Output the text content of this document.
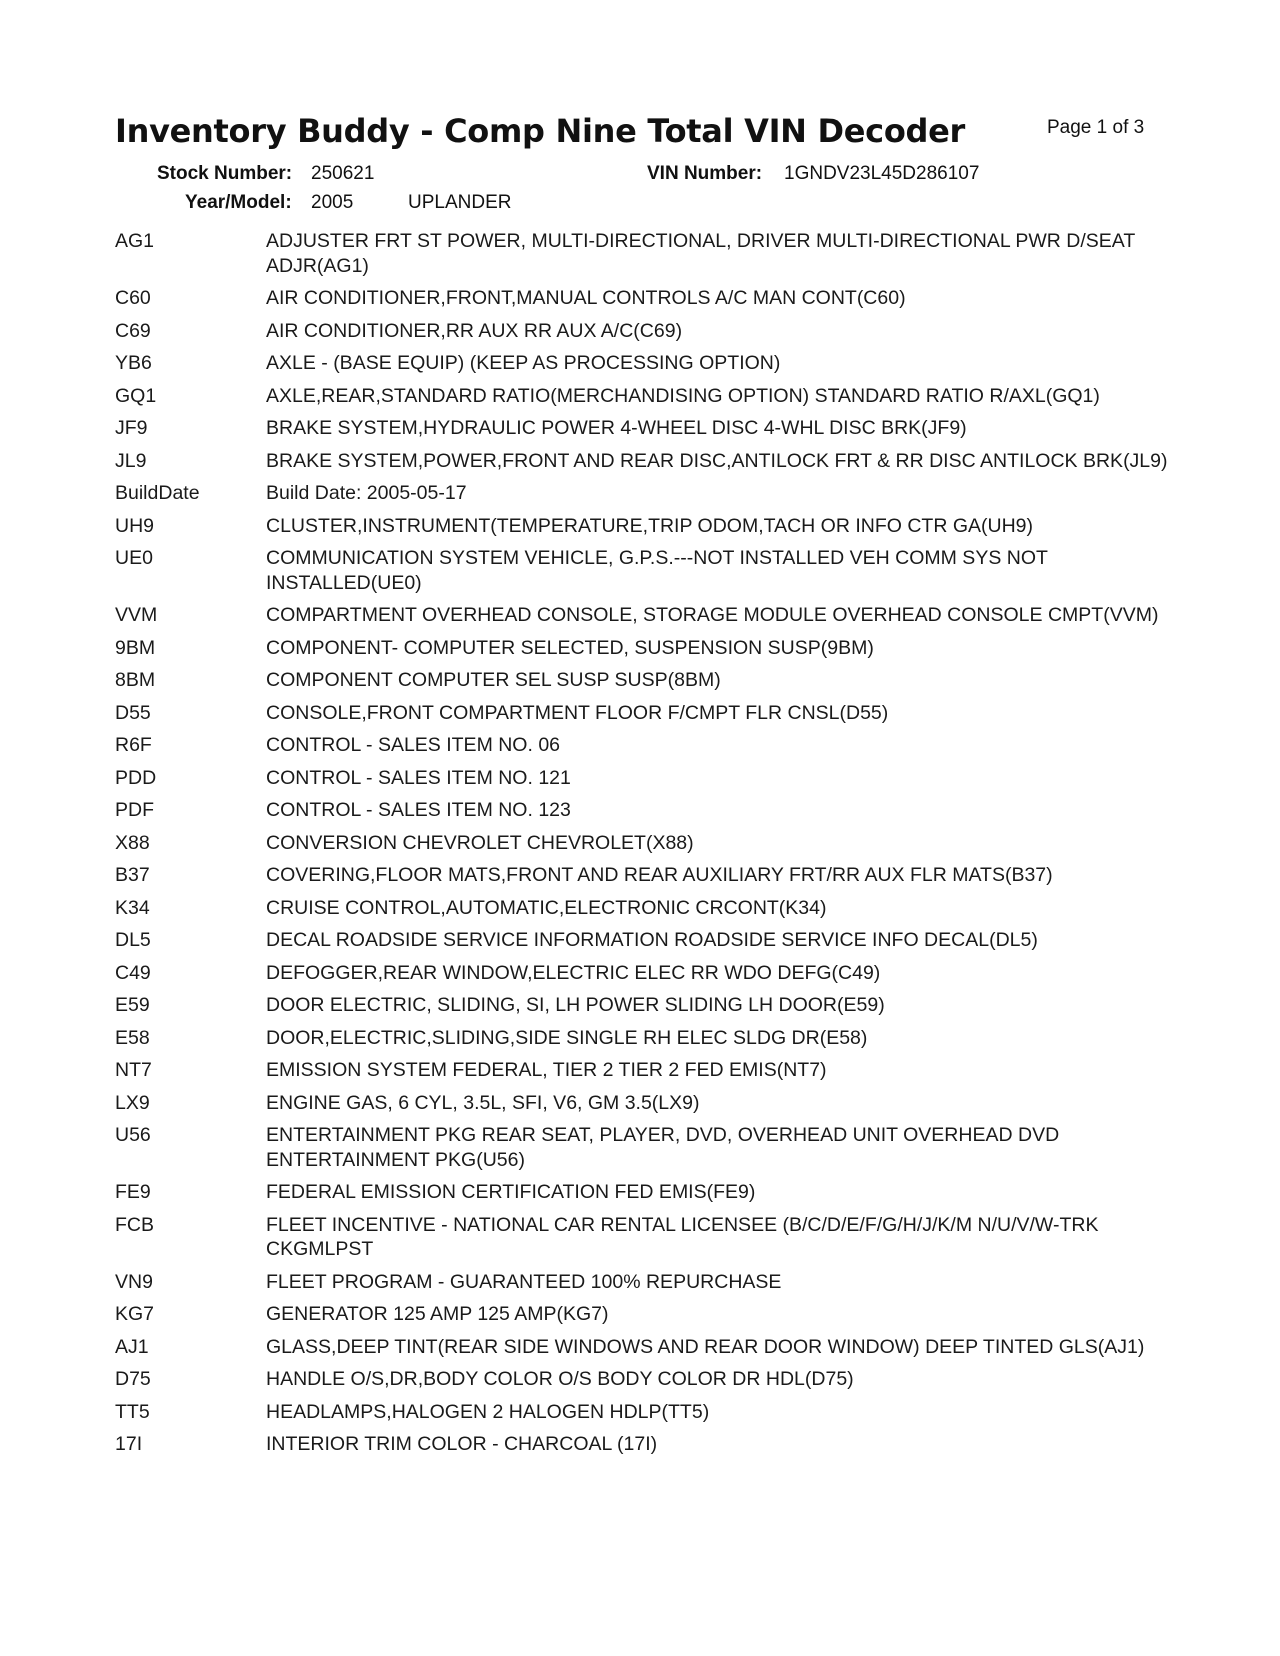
Inventory Buddy - Comp Nine Total VIN Decoder	Page 1 of 3
Stock Number: 250621	VIN Number: 1GNDV23L45D286107
Year/Model: 2005	UPLANDER
AG1	ADJUSTER FRT ST POWER, MULTI-DIRECTIONAL, DRIVER MULTI-DIRECTIONAL PWR D/SEAT ADJR(AG1)
C60	AIR CONDITIONER,FRONT,MANUAL CONTROLS A/C MAN CONT(C60)
C69	AIR CONDITIONER,RR AUX RR AUX A/C(C69)
YB6	AXLE - (BASE EQUIP) (KEEP AS PROCESSING OPTION)
GQ1	AXLE,REAR,STANDARD RATIO(MERCHANDISING OPTION) STANDARD RATIO R/AXL(GQ1)
JF9	BRAKE SYSTEM,HYDRAULIC POWER 4-WHEEL DISC 4-WHL DISC BRK(JF9)
JL9	BRAKE SYSTEM,POWER,FRONT AND REAR DISC,ANTILOCK FRT & RR DISC ANTILOCK BRK(JL9)
BuildDate	Build Date: 2005-05-17
UH9	CLUSTER,INSTRUMENT(TEMPERATURE,TRIP ODOM,TACH OR INFO CTR GA(UH9)
UE0	COMMUNICATION SYSTEM VEHICLE, G.P.S.---NOT INSTALLED VEH COMM SYS NOT INSTALLED(UE0)
VVM	COMPARTMENT OVERHEAD CONSOLE, STORAGE MODULE OVERHEAD CONSOLE CMPT(VVM)
9BM	COMPONENT- COMPUTER SELECTED, SUSPENSION SUSP(9BM)
8BM	COMPONENT COMPUTER SEL SUSP SUSP(8BM)
D55	CONSOLE,FRONT COMPARTMENT FLOOR F/CMPT FLR CNSL(D55)
R6F	CONTROL - SALES ITEM NO. 06
PDD	CONTROL - SALES ITEM NO. 121
PDF	CONTROL - SALES ITEM NO. 123
X88	CONVERSION CHEVROLET CHEVROLET(X88)
B37	COVERING,FLOOR MATS,FRONT AND REAR AUXILIARY FRT/RR AUX FLR MATS(B37)
K34	CRUISE CONTROL,AUTOMATIC,ELECTRONIC CRCONT(K34)
DL5	DECAL ROADSIDE SERVICE INFORMATION ROADSIDE SERVICE INFO DECAL(DL5)
C49	DEFOGGER,REAR WINDOW,ELECTRIC ELEC RR WDO DEFG(C49)
E59	DOOR ELECTRIC, SLIDING, SI, LH POWER SLIDING LH DOOR(E59)
E58	DOOR,ELECTRIC,SLIDING,SIDE SINGLE RH ELEC SLDG DR(E58)
NT7	EMISSION SYSTEM FEDERAL, TIER 2 TIER 2 FED EMIS(NT7)
LX9	ENGINE GAS, 6 CYL, 3.5L, SFI, V6, GM 3.5(LX9)
U56	ENTERTAINMENT PKG REAR SEAT, PLAYER, DVD, OVERHEAD UNIT OVERHEAD DVD ENTERTAINMENT PKG(U56)
FE9	FEDERAL EMISSION CERTIFICATION FED EMIS(FE9)
FCB	FLEET INCENTIVE - NATIONAL CAR RENTAL LICENSEE (B/C/D/E/F/G/H/J/K/M N/U/V/W-TRK CKGMLPST
VN9	FLEET PROGRAM - GUARANTEED 100% REPURCHASE
KG7	GENERATOR 125 AMP 125 AMP(KG7)
AJ1	GLASS,DEEP TINT(REAR SIDE WINDOWS AND REAR DOOR WINDOW) DEEP TINTED GLS(AJ1)
D75	HANDLE O/S,DR,BODY COLOR O/S BODY COLOR DR HDL(D75)
TT5	HEADLAMPS,HALOGEN 2 HALOGEN HDLP(TT5)
17I	INTERIOR TRIM COLOR - CHARCOAL (17I)
